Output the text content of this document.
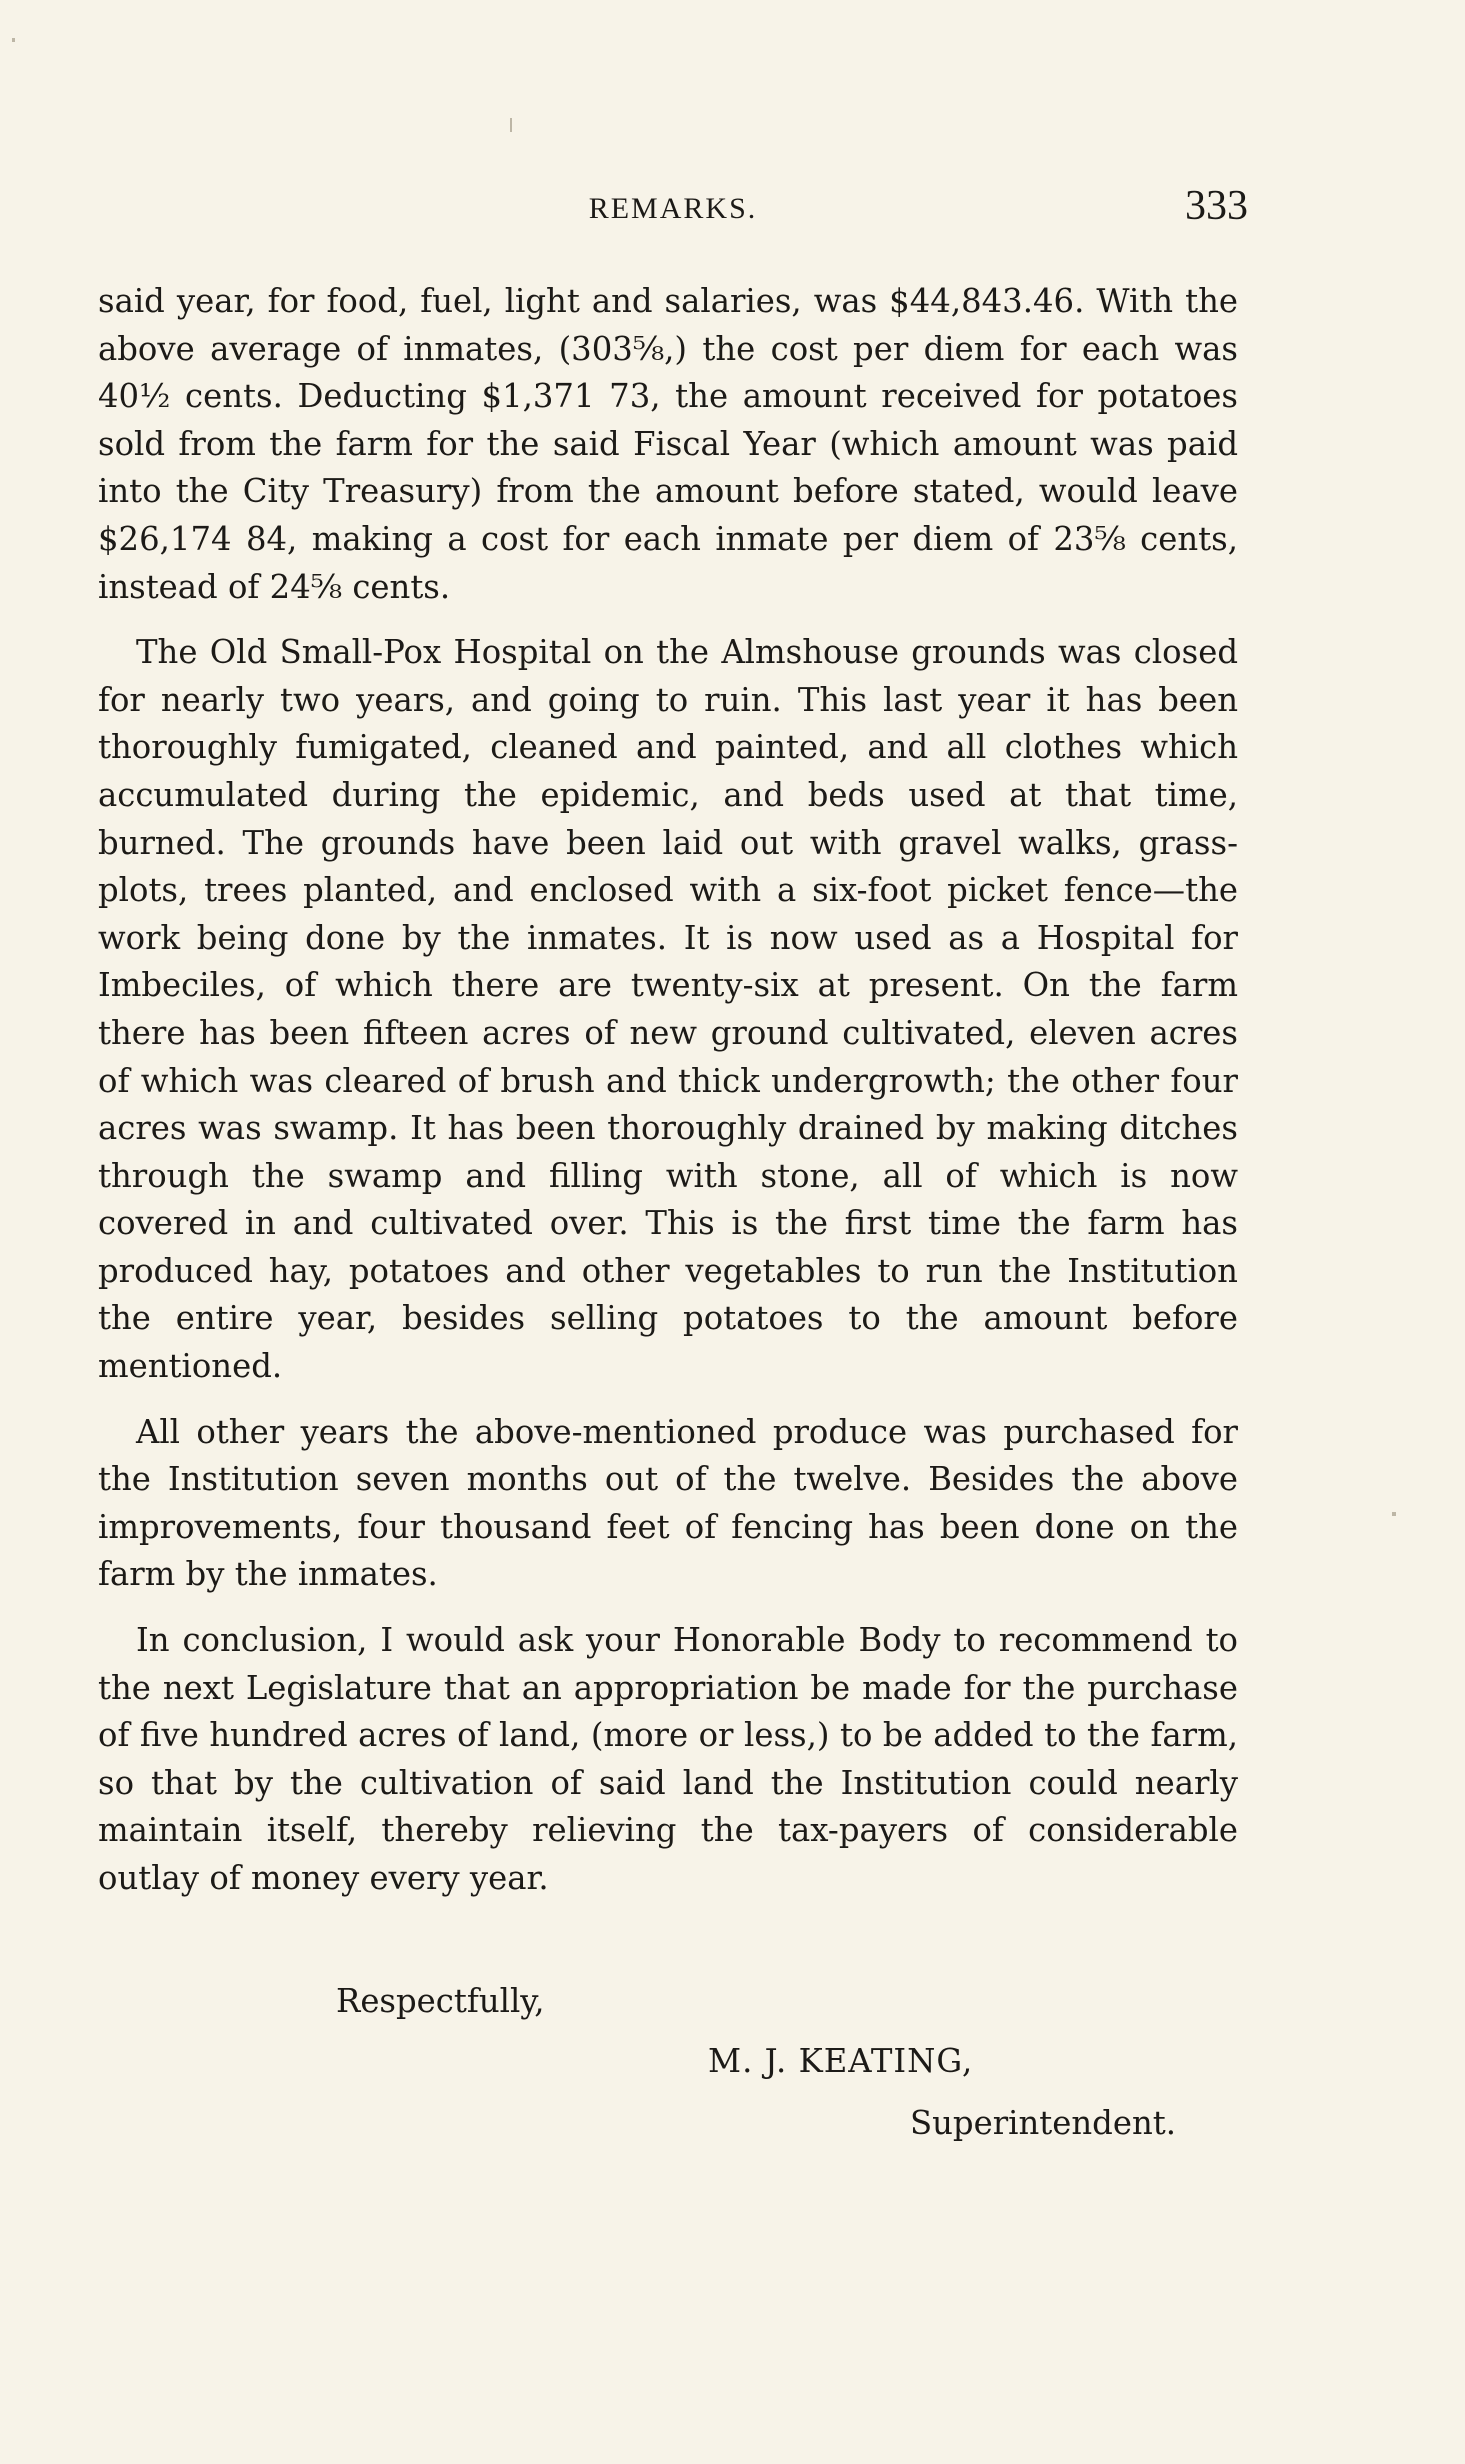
REMARKS.	333

said year, for food, fuel, light and salaries, was $44,843.46. With the above average of inmates, (303⅝,) the cost per diem for each was 40½ cents. Deducting $1,371 73, the amount received for potatoes sold from the farm for the said Fiscal Year (which amount was paid into the City Treasury) from the amount before stated, would leave $26,174 84, making a cost for each inmate per diem of 23⅝ cents, instead of 24⅝ cents.

The Old Small-Pox Hospital on the Almshouse grounds was closed for nearly two years, and going to ruin. This last year it has been thoroughly fumigated, cleaned and painted, and all clothes which accumulated during the epidemic, and beds used at that time, burned. The grounds have been laid out with gravel walks, grass-plots, trees planted, and enclosed with a six-foot picket fence—the work being done by the inmates. It is now used as a Hospital for Imbeciles, of which there are twenty-six at present. On the farm there has been fifteen acres of new ground cultivated, eleven acres of which was cleared of brush and thick undergrowth; the other four acres was swamp. It has been thoroughly drained by making ditches through the swamp and filling with stone, all of which is now covered in and cultivated over. This is the first time the farm has produced hay, potatoes and other vegetables to run the Institution the entire year, besides selling potatoes to the amount before mentioned.

All other years the above-mentioned produce was purchased for the Institution seven months out of the twelve. Besides the above improvements, four thousand feet of fencing has been done on the farm by the inmates.

In conclusion, I would ask your Honorable Body to recommend to the next Legislature that an appropriation be made for the purchase of five hundred acres of land, (more or less,) to be added to the farm, so that by the cultivation of said land the Institution could nearly maintain itself, thereby relieving the tax-payers of considerable outlay of money every year.

Respectfully,
M. J. KEATING,
Superintendent.
